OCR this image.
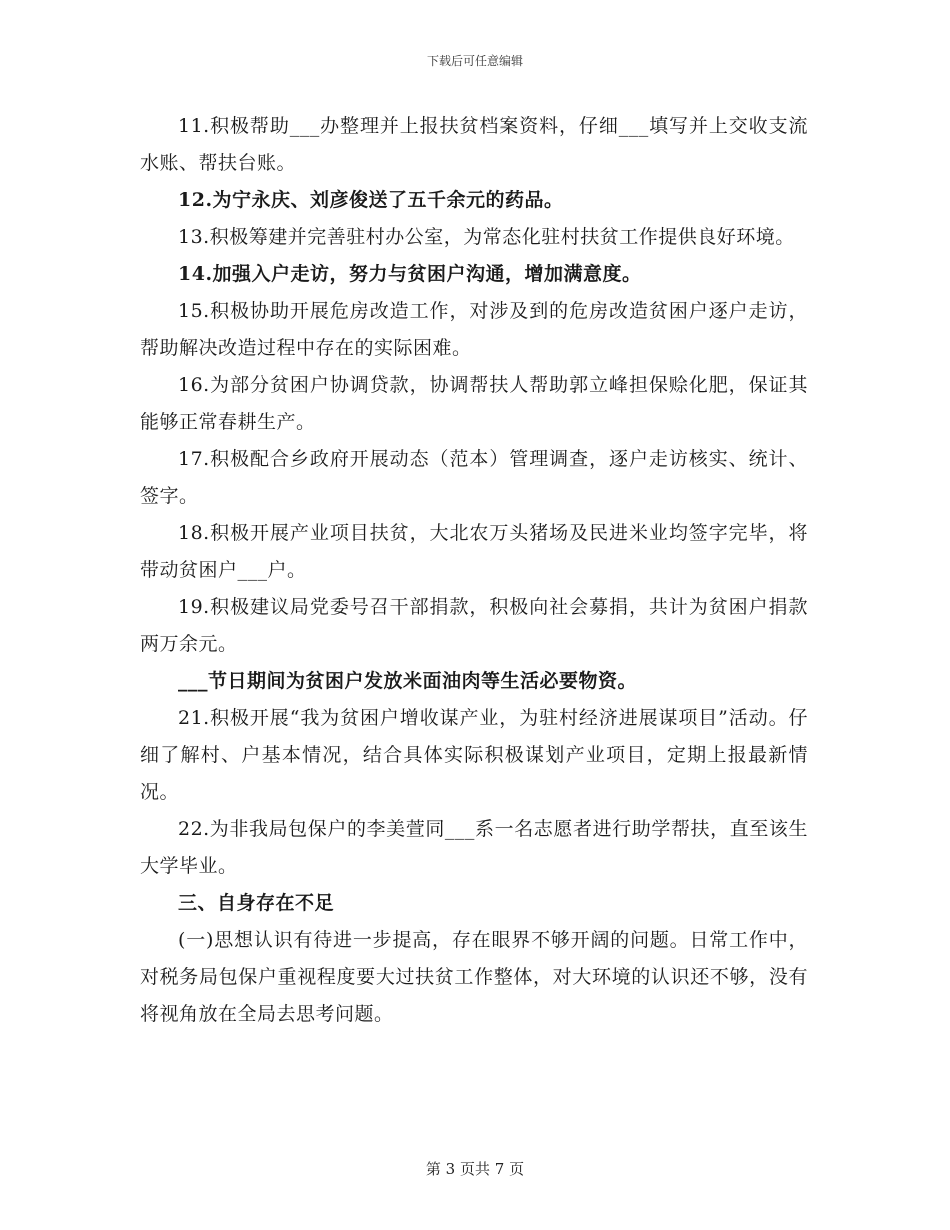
下载后可任意编辑

11.积极帮助___办整理并上报扶贫档案资料，仔细___填写并上交收支流水账、帮扶台账。

12.为宁永庆、刘彦俊送了五千余元的药品。

13.积极筹建并完善驻村办公室，为常态化驻村扶贫工作提供良好环境。

14.加强入户走访，努力与贫困户沟通，增加满意度。

15.积极协助开展危房改造工作，对涉及到的危房改造贫困户逐户走访，帮助解决改造过程中存在的实际困难。

16.为部分贫困户协调贷款，协调帮扶人帮助郭立峰担保赊化肥，保证其能够正常春耕生产。

17.积极配合乡政府开展动态（范本）管理调查，逐户走访核实、统计、签字。

18.积极开展产业项目扶贫，大北农万头猪场及民进米业均签字完毕，将带动贫困户___户。

19.积极建议局党委号召干部捐款，积极向社会募捐，共计为贫困户捐款两万余元。

___节日期间为贫困户发放米面油肉等生活必要物资。

21.积极开展“我为贫困户增收谋产业，为驻村经济进展谋项目”活动。仔细了解村、户基本情况，结合具体实际积极谋划产业项目，定期上报最新情况。

22.为非我局包保户的李美萱同___系一名志愿者进行助学帮扶，直至该生大学毕业。

三、自身存在不足

(一)思想认识有待进一步提高，存在眼界不够开阔的问题。日常工作中，对税务局包保户重视程度要大过扶贫工作整体，对大环境的认识还不够，没有将视角放在全局去思考问题。

第 3 页共 7 页
